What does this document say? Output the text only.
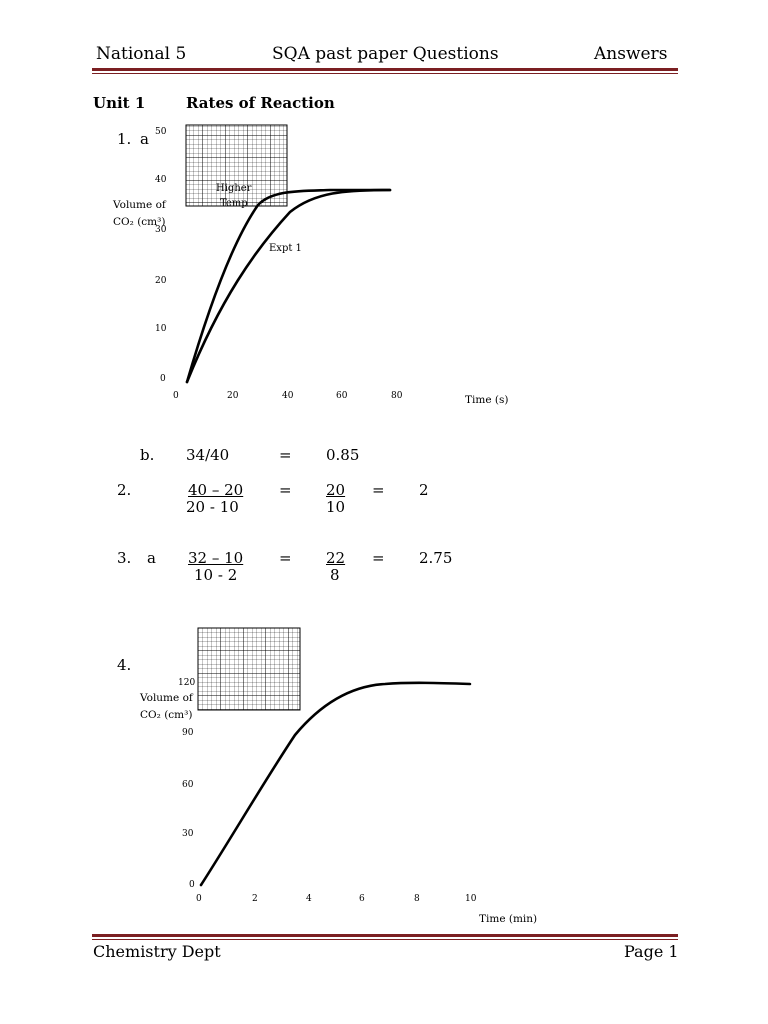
National 5	SQA past paper Questions	Answers
Unit 1	Rates of Reaction
1. a
Volume of
CO₂ (cm³)
50
40
30
20
10
0
0	20	40	60	80	Time (s)
Higher
Temp
Expt 1
b. 34/40	= 0.85
2.	40 – 20
20 - 10
= 20
10
= 2
3. a 32 – 10
10 - 2
= 22
8
= 2.75
4.
Volume of
CO₂ (cm³)
120
90
60
30
0
0	2	4	6	8	10
Time (min)
Chemistry Dept	Page 1
